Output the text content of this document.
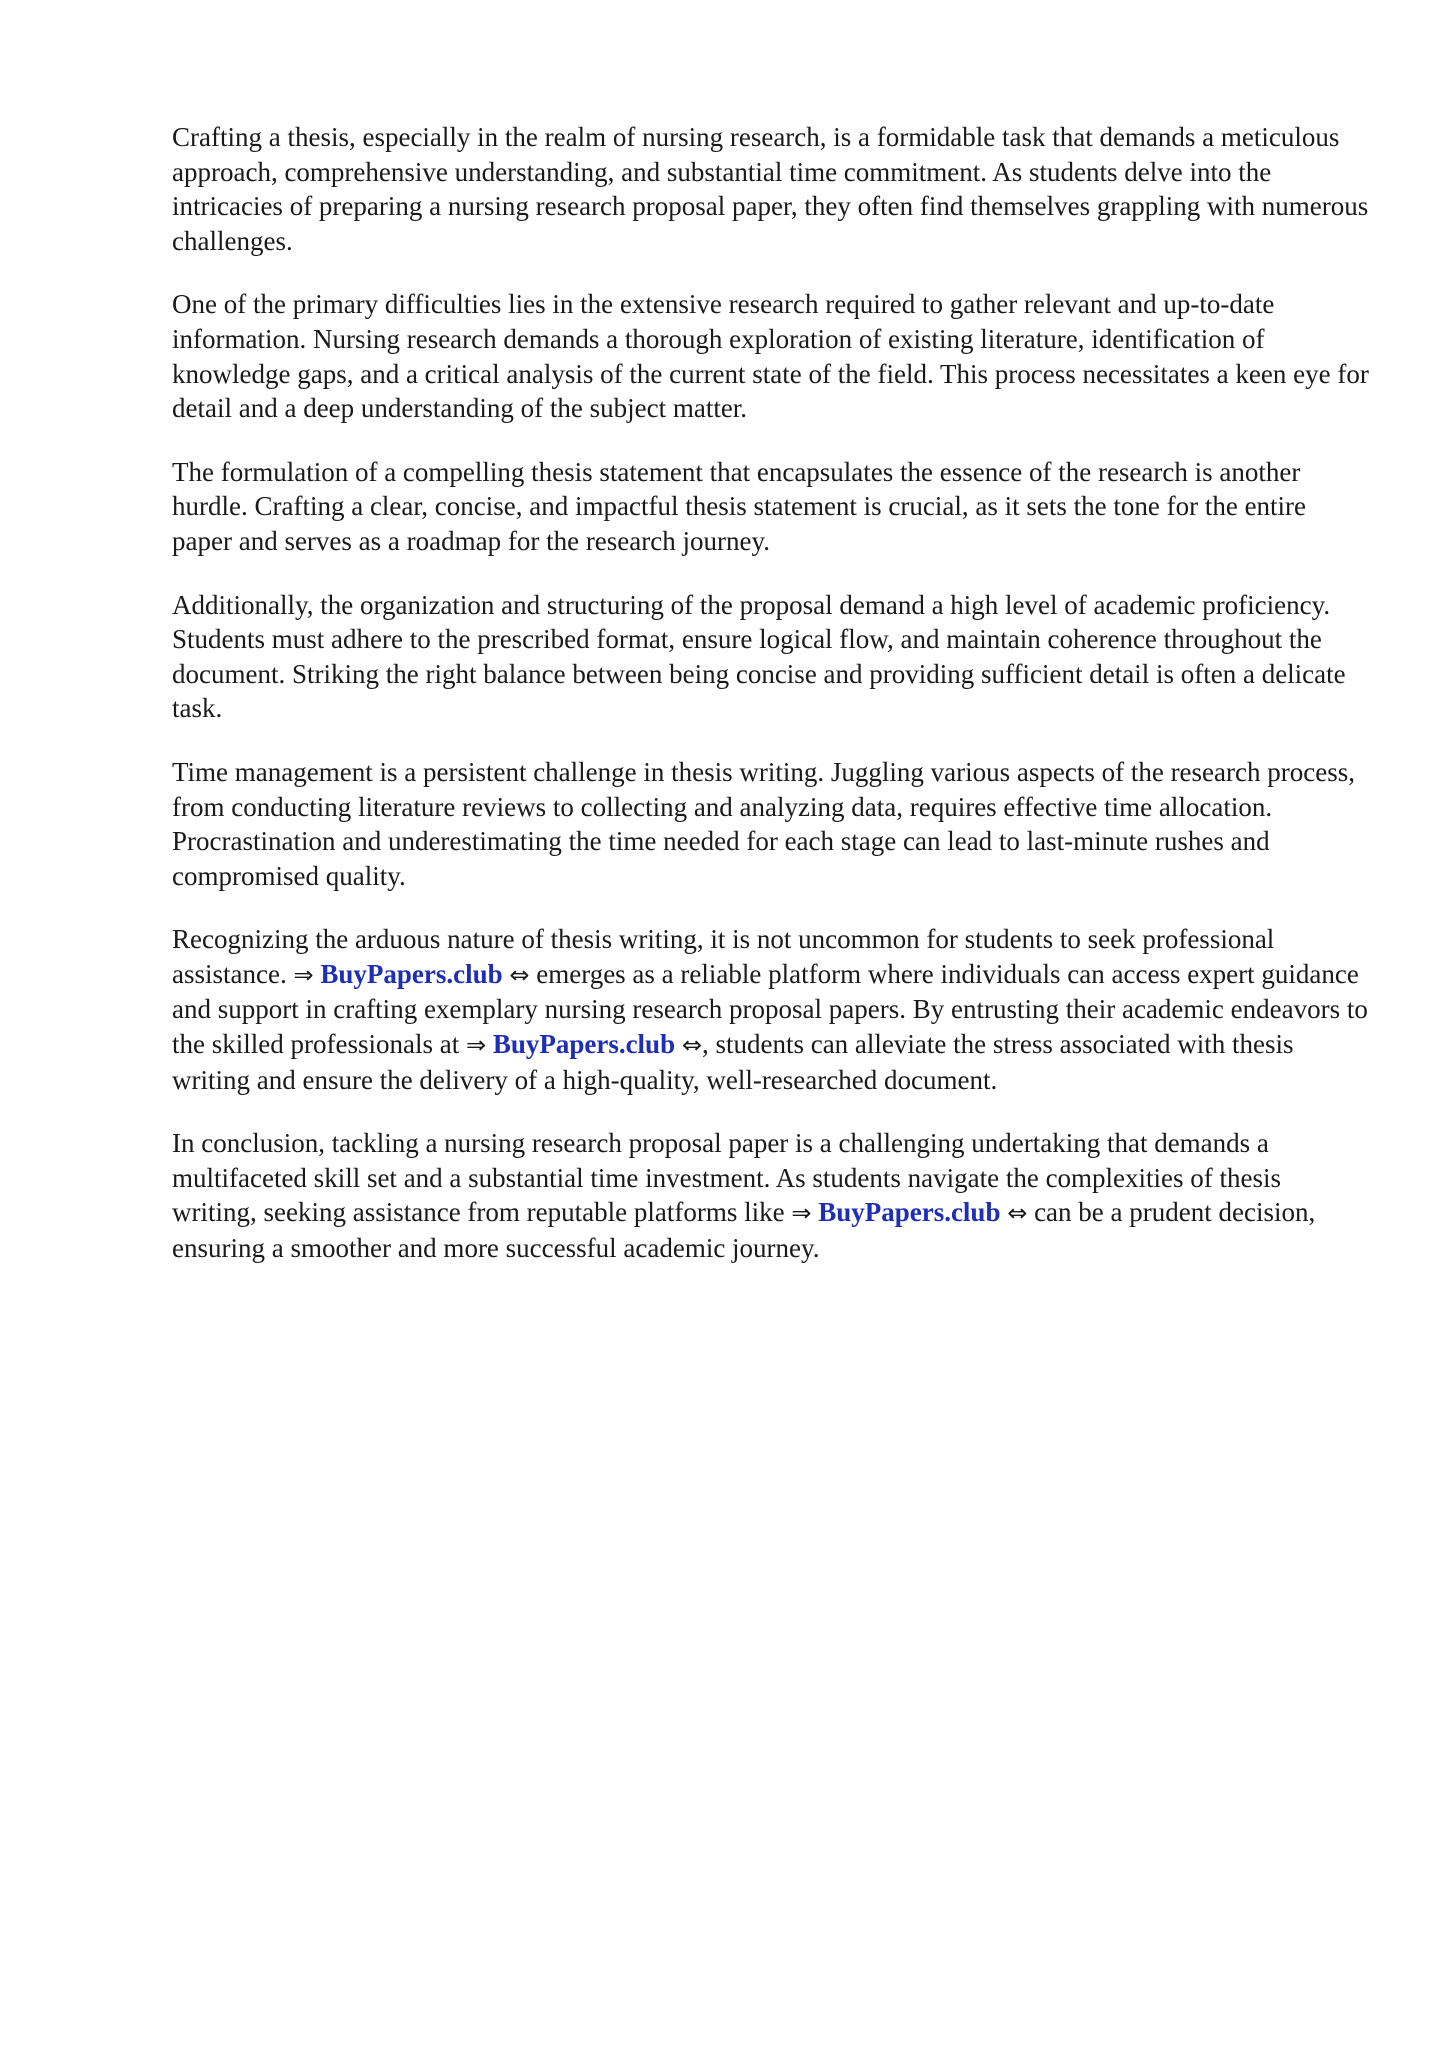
Crafting a thesis, especially in the realm of nursing research, is a formidable task that demands a meticulous approach, comprehensive understanding, and substantial time commitment. As students delve into the intricacies of preparing a nursing research proposal paper, they often find themselves grappling with numerous challenges.

One of the primary difficulties lies in the extensive research required to gather relevant and up-to-date information. Nursing research demands a thorough exploration of existing literature, identification of knowledge gaps, and a critical analysis of the current state of the field. This process necessitates a keen eye for detail and a deep understanding of the subject matter.

The formulation of a compelling thesis statement that encapsulates the essence of the research is another hurdle. Crafting a clear, concise, and impactful thesis statement is crucial, as it sets the tone for the entire paper and serves as a roadmap for the research journey.

Additionally, the organization and structuring of the proposal demand a high level of academic proficiency. Students must adhere to the prescribed format, ensure logical flow, and maintain coherence throughout the document. Striking the right balance between being concise and providing sufficient detail is often a delicate task.

Time management is a persistent challenge in thesis writing. Juggling various aspects of the research process, from conducting literature reviews to collecting and analyzing data, requires effective time allocation. Procrastination and underestimating the time needed for each stage can lead to last-minute rushes and compromised quality.

Recognizing the arduous nature of thesis writing, it is not uncommon for students to seek professional assistance. ⇒ BuyPapers.club ⇔ emerges as a reliable platform where individuals can access expert guidance and support in crafting exemplary nursing research proposal papers. By entrusting their academic endeavors to the skilled professionals at ⇒ BuyPapers.club ⇔, students can alleviate the stress associated with thesis writing and ensure the delivery of a high-quality, well-researched document.

In conclusion, tackling a nursing research proposal paper is a challenging undertaking that demands a multifaceted skill set and a substantial time investment. As students navigate the complexities of thesis writing, seeking assistance from reputable platforms like ⇒ BuyPapers.club ⇔ can be a prudent decision, ensuring a smoother and more successful academic journey.
